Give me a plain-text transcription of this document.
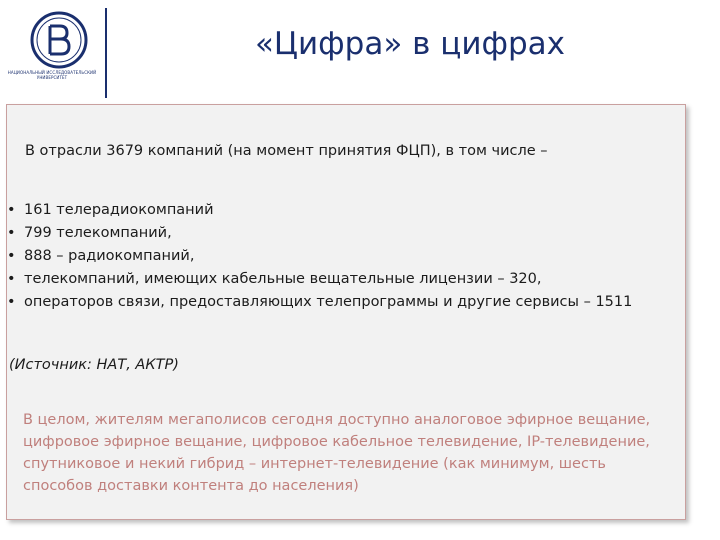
НАЦИОНАЛЬНЫЙ ИССЛЕДОВАТЕЛЬСКИЙ УНИВЕРСИТЕТ
«Цифра» в цифрах
В отрасли 3679 компаний (на момент принятия ФЦП), в том числе –
• 161 телерадиокомпаний
• 799 телекомпаний,
• 888 – радиокомпаний,
• телекомпаний, имеющих кабельные вещательные лицензии – 320,
• операторов связи, предоставляющих телепрограммы и другие сервисы – 1511
(Источник: НАТ, АКТР)
В целом, жителям мегаполисов сегодня доступно аналоговое эфирное вещание, цифровое эфирное вещание, цифровое кабельное телевидение, IP-телевидение, спутниковое и некий гибрид – интернет-телевидение (как минимум, шесть способов доставки контента до населения)
